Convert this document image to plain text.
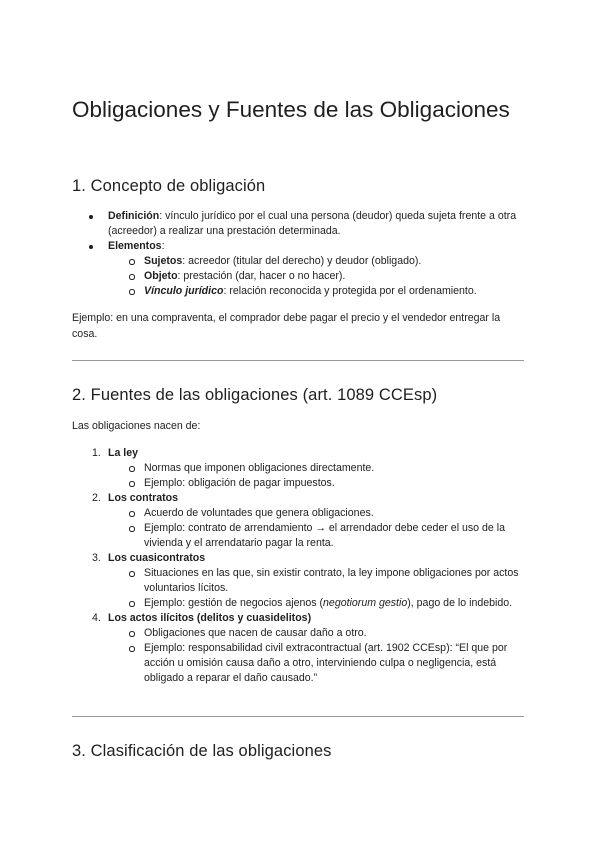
Obligaciones y Fuentes de las Obligaciones
1. Concepto de obligación
Definición: vínculo jurídico por el cual una persona (deudor) queda sujeta frente a otra (acreedor) a realizar una prestación determinada.
Elementos:
Sujetos: acreedor (titular del derecho) y deudor (obligado).
Objeto: prestación (dar, hacer o no hacer).
Vínculo jurídico: relación reconocida y protegida por el ordenamiento.

Ejemplo: en una compraventa, el comprador debe pagar el precio y el vendedor entregar la cosa.

2. Fuentes de las obligaciones (art. 1089 CCEsp)

Las obligaciones nacen de:

1. La ley
Normas que imponen obligaciones directamente.
Ejemplo: obligación de pagar impuestos.
2. Los contratos
Acuerdo de voluntades que genera obligaciones.
Ejemplo: contrato de arrendamiento → el arrendador debe ceder el uso de la vivienda y el arrendatario pagar la renta.
3. Los cuasicontratos
Situaciones en las que, sin existir contrato, la ley impone obligaciones por actos voluntarios lícitos.
Ejemplo: gestión de negocios ajenos (negotiorum gestio), pago de lo indebido.
4. Los actos ilícitos (delitos y cuasidelitos)
Obligaciones que nacen de causar daño a otro.
Ejemplo: responsabilidad civil extracontractual (art. 1902 CCEsp): “El que por acción u omisión causa daño a otro, interviniendo culpa o negligencia, está obligado a reparar el daño causado.”
3. Clasificación de las obligaciones
